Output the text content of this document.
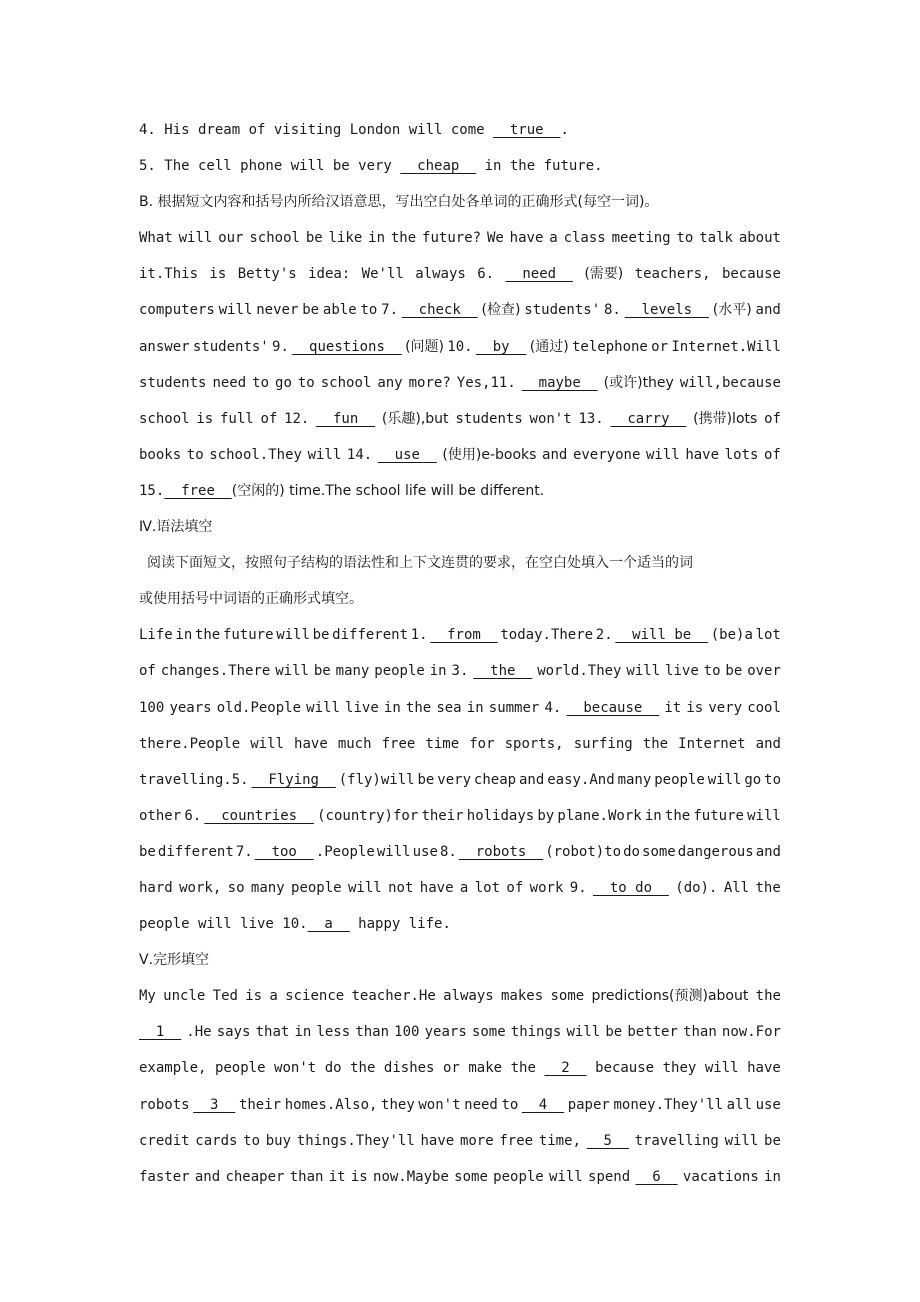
4. His dream of visiting London will come true .
5. The cell phone will be very cheap in the future.
B. 根据短文内容和括号内所给汉语意思，写出空白处各单词的正确形式(每空一词)。
What will our school be like in the future? We have a class meeting to talk about
it.This is Betty's idea: We'll always 6. need (需要) teachers, because
computers will never be able to 7. check (检查) students' 8. levels (水平) and
answer students' 9. questions (问题) 10. by (通过) telephone or Internet.Will
students need to go to school any more? Yes,11. maybe (或许)they will,because
school is full of 12. fun (乐趣),but students won't 13. carry (携带)lots of
books to school.They will 14. use (使用)e-books and everyone will have lots of
15. free (空闲的) time.The school life will be different.
Ⅳ.语法填空
阅读下面短文，按照句子结构的语法性和上下文连贯的要求，在空白处填入一个适当的词
或使用括号中词语的正确形式填空。
Life in the future will be different 1. from today.There 2. will be (be)a lot
of changes.There will be many people in 3. the world.They will live to be over
100 years old.People will live in the sea in summer 4. because it is very cool
there.People will have much free time for sports, surfing the Internet and
travelling.5. Flying (fly)will be very cheap and easy.And many people will go to
other 6. countries (country)for their holidays by plane.Work in the future will
be different 7. too .People will use 8. robots (robot)to do some dangerous and
hard work, so many people will not have a lot of work 9. to do (do). All the
people will live 10. a happy life.
Ⅴ.完形填空
My uncle Ted is a science teacher.He always makes some predictions(预测)about the
1 .He says that in less than 100 years some things will be better than now.For
example, people won't do the dishes or make the 2 because they will have
robots 3 their homes.Also, they won't need to 4 paper money.They'll all use
credit cards to buy things.They'll have more free time, 5 travelling will be
faster and cheaper than it is now.Maybe some people will spend 6 vacations in
